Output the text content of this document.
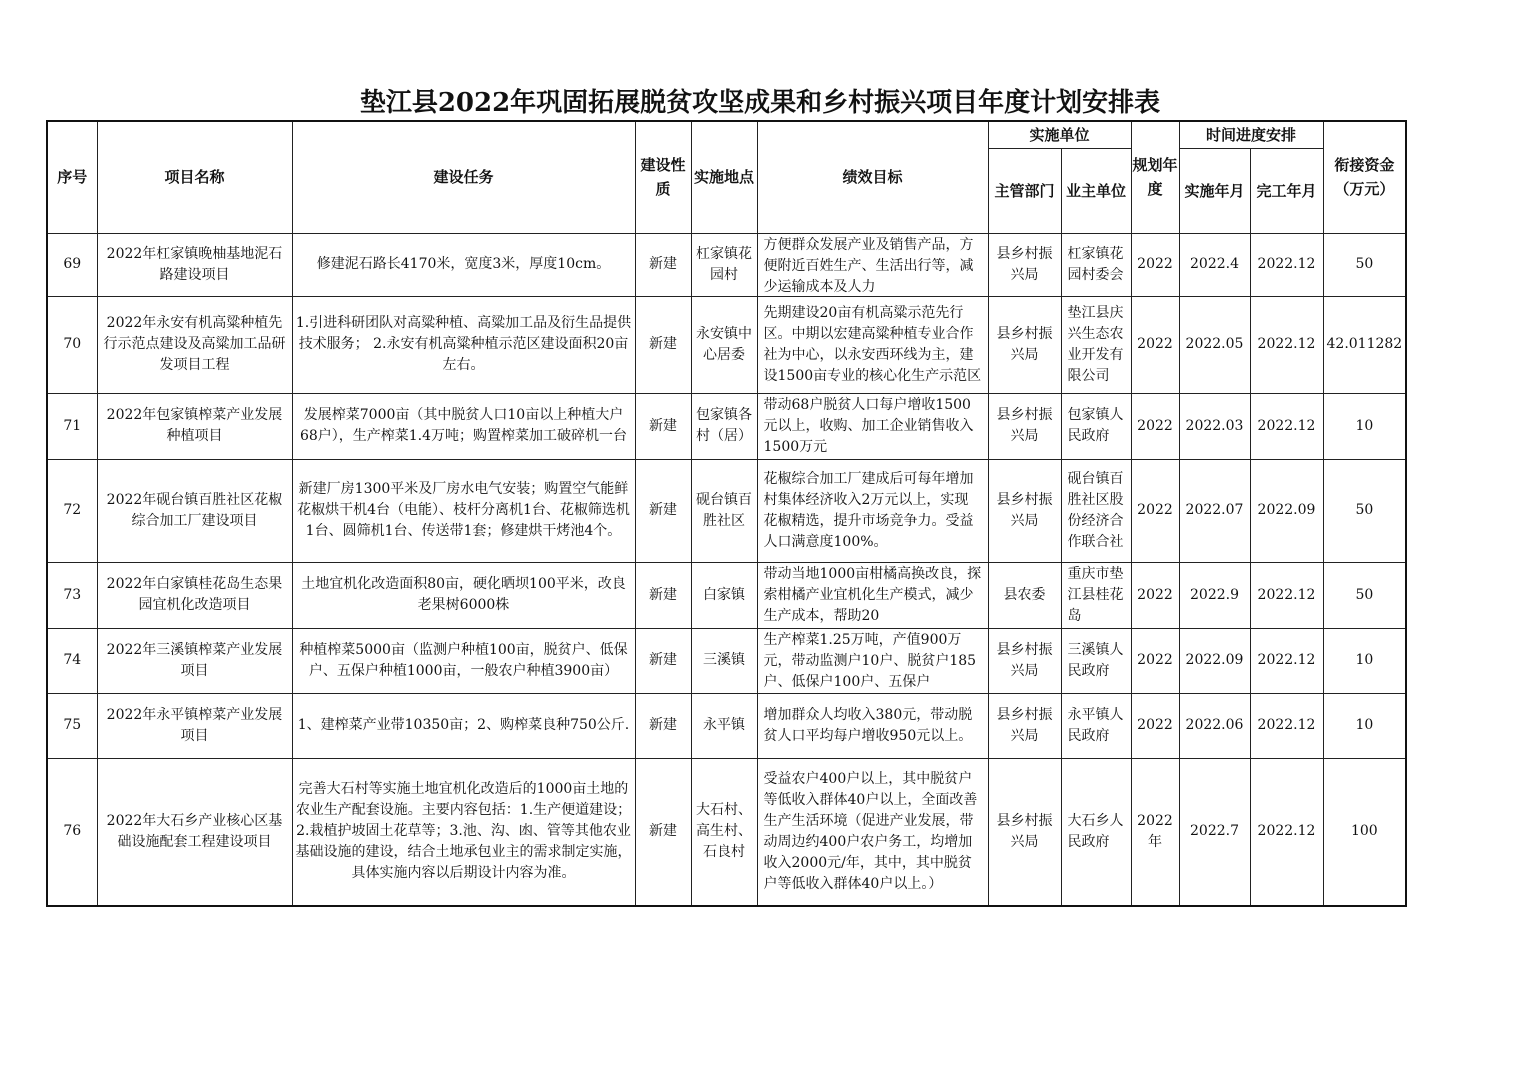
垫江县2022年巩固拓展脱贫攻坚成果和乡村振兴项目年度计划安排表
序号	项目名称	建设任务	建设性质	实施地点	绩效目标	实施单位		规划年度	时间进度安排		衔接资金（万元）
						主管部门	业主单位		实施年月	完工年月	

69	2022年杠家镇晚柚基地泥石路建设项目	修建泥石路长4170米，宽度3米，厚度10cm。	新建	杠家镇花园村	方便群众发展产业及销售产品，方便附近百姓生产、生活出行等，减少运输成本及人力	县乡村振兴局	杠家镇花园村委会	2022	2022.4	2022.12	50

70	2022年永安有机高粱种植先行示范点建设及高粱加工品研发项目工程	1.引进科研团队对高粱种植、高粱加工品及衍生品提供技术服务； 2.永安有机高粱种植示范区建设面积20亩左右。	新建	永安镇中心居委	先期建设20亩有机高粱示范先行区。中期以宏建高粱种植专业合作社为中心，以永安西环线为主，建设1500亩专业的核心化生产示范区	县乡村振兴局	垫江县庆兴生态农业开发有限公司	2022	2022.05	2022.12	42.011282

71	2022年包家镇榨菜产业发展种植项目	发展榨菜7000亩（其中脱贫人口10亩以上种植大户68户），生产榨菜1.4万吨；购置榨菜加工破碎机一台	新建	包家镇各村（居）	带动68户脱贫人口每户增收1500元以上，收购、加工企业销售收入1500万元	县乡村振兴局	包家镇人民政府	2022	2022.03	2022.12	10

72	2022年砚台镇百胜社区花椒综合加工厂建设项目	新建厂房1300平米及厂房水电气安装；购置空气能鲜花椒烘干机4台（电能）、枝杆分离机1台、花椒筛选机1台、圆筛机1台、传送带1套；修建烘干烤池4个。	新建	砚台镇百胜社区	花椒综合加工厂建成后可每年增加村集体经济收入2万元以上，实现花椒精选，提升市场竞争力。受益人口满意度100%。	县乡村振兴局	砚台镇百胜社区股份经济合作联合社	2022	2022.07	2022.09	50

73	2022年白家镇桂花岛生态果园宜机化改造项目	土地宜机化改造面积80亩，硬化晒坝100平米，改良老果树6000株	新建	白家镇	带动当地1000亩柑橘高换改良，探索柑橘产业宜机化生产模式，减少生产成本，帮助20	县农委	重庆市垫江县桂花岛	2022	2022.9	2022.12	50

74	2022年三溪镇榨菜产业发展项目	种植榨菜5000亩（监测户种植100亩，脱贫户、低保户、五保户种植1000亩，一般农户种植3900亩）	新建	三溪镇	生产榨菜1.25万吨，产值900万元，带动监测户10户、脱贫户185户、低保户100户、五保户	县乡村振兴局	三溪镇人民政府	2022	2022.09	2022.12	10

75	2022年永平镇榨菜产业发展项目	1、建榨菜产业带10350亩；2、购榨菜良种750公斤.	新建	永平镇	增加群众人均收入380元，带动脱贫人口平均每户增收950元以上。	县乡村振兴局	永平镇人民政府	2022	2022.06	2022.12	10

76	2022年大石乡产业核心区基础设施配套工程建设项目	完善大石村等实施土地宜机化改造后的1000亩土地的农业生产配套设施。主要内容包括：1.生产便道建设；2.栽植护坡固土花草等；3.池、沟、凼、管等其他农业基础设施的建设，结合土地承包业主的需求制定实施，具体实施内容以后期设计内容为准。	新建	大石村、高生村、石良村	受益农户400户以上，其中脱贫户等低收入群体40户以上，全面改善生产生活环境（促进产业发展，带动周边约400户农户务工，均增加收入2000元/年，其中，其中脱贫户等低收入群体40户以上。）	县乡村振兴局	大石乡人民政府	2022年	2022.7	2022.12	100
